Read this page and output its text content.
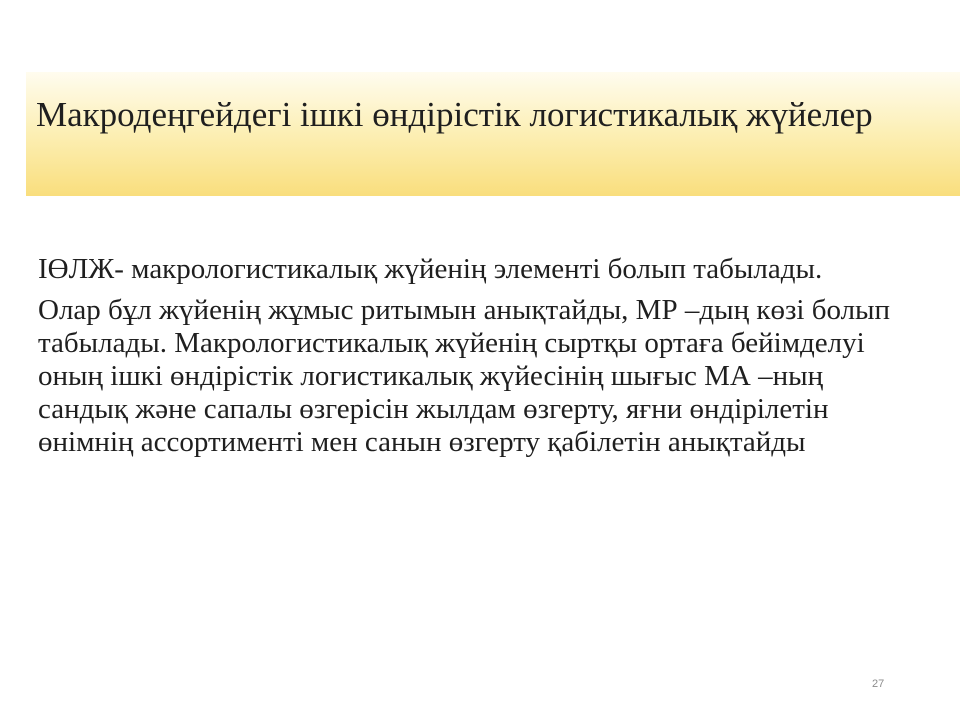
Макродеңгейдегі ішкі өндірістік логистикалық жүйелер

ІӨЛЖ- макрологистикалық жүйенің элементі болып табылады.

Олар бұл жүйенің жұмыс ритымын анықтайды, МР –дың көзі болып табылады. Макрологистикалық жүйенің сыртқы ортаға бейімделуі оның ішкі өндірістік логистикалық жүйесінің шығыс МА –ның сандық және сапалы өзгерісін жылдам өзгерту, яғни өндірілетін өнімнің ассортименті мен санын өзгерту қабілетін анықтайды

27
